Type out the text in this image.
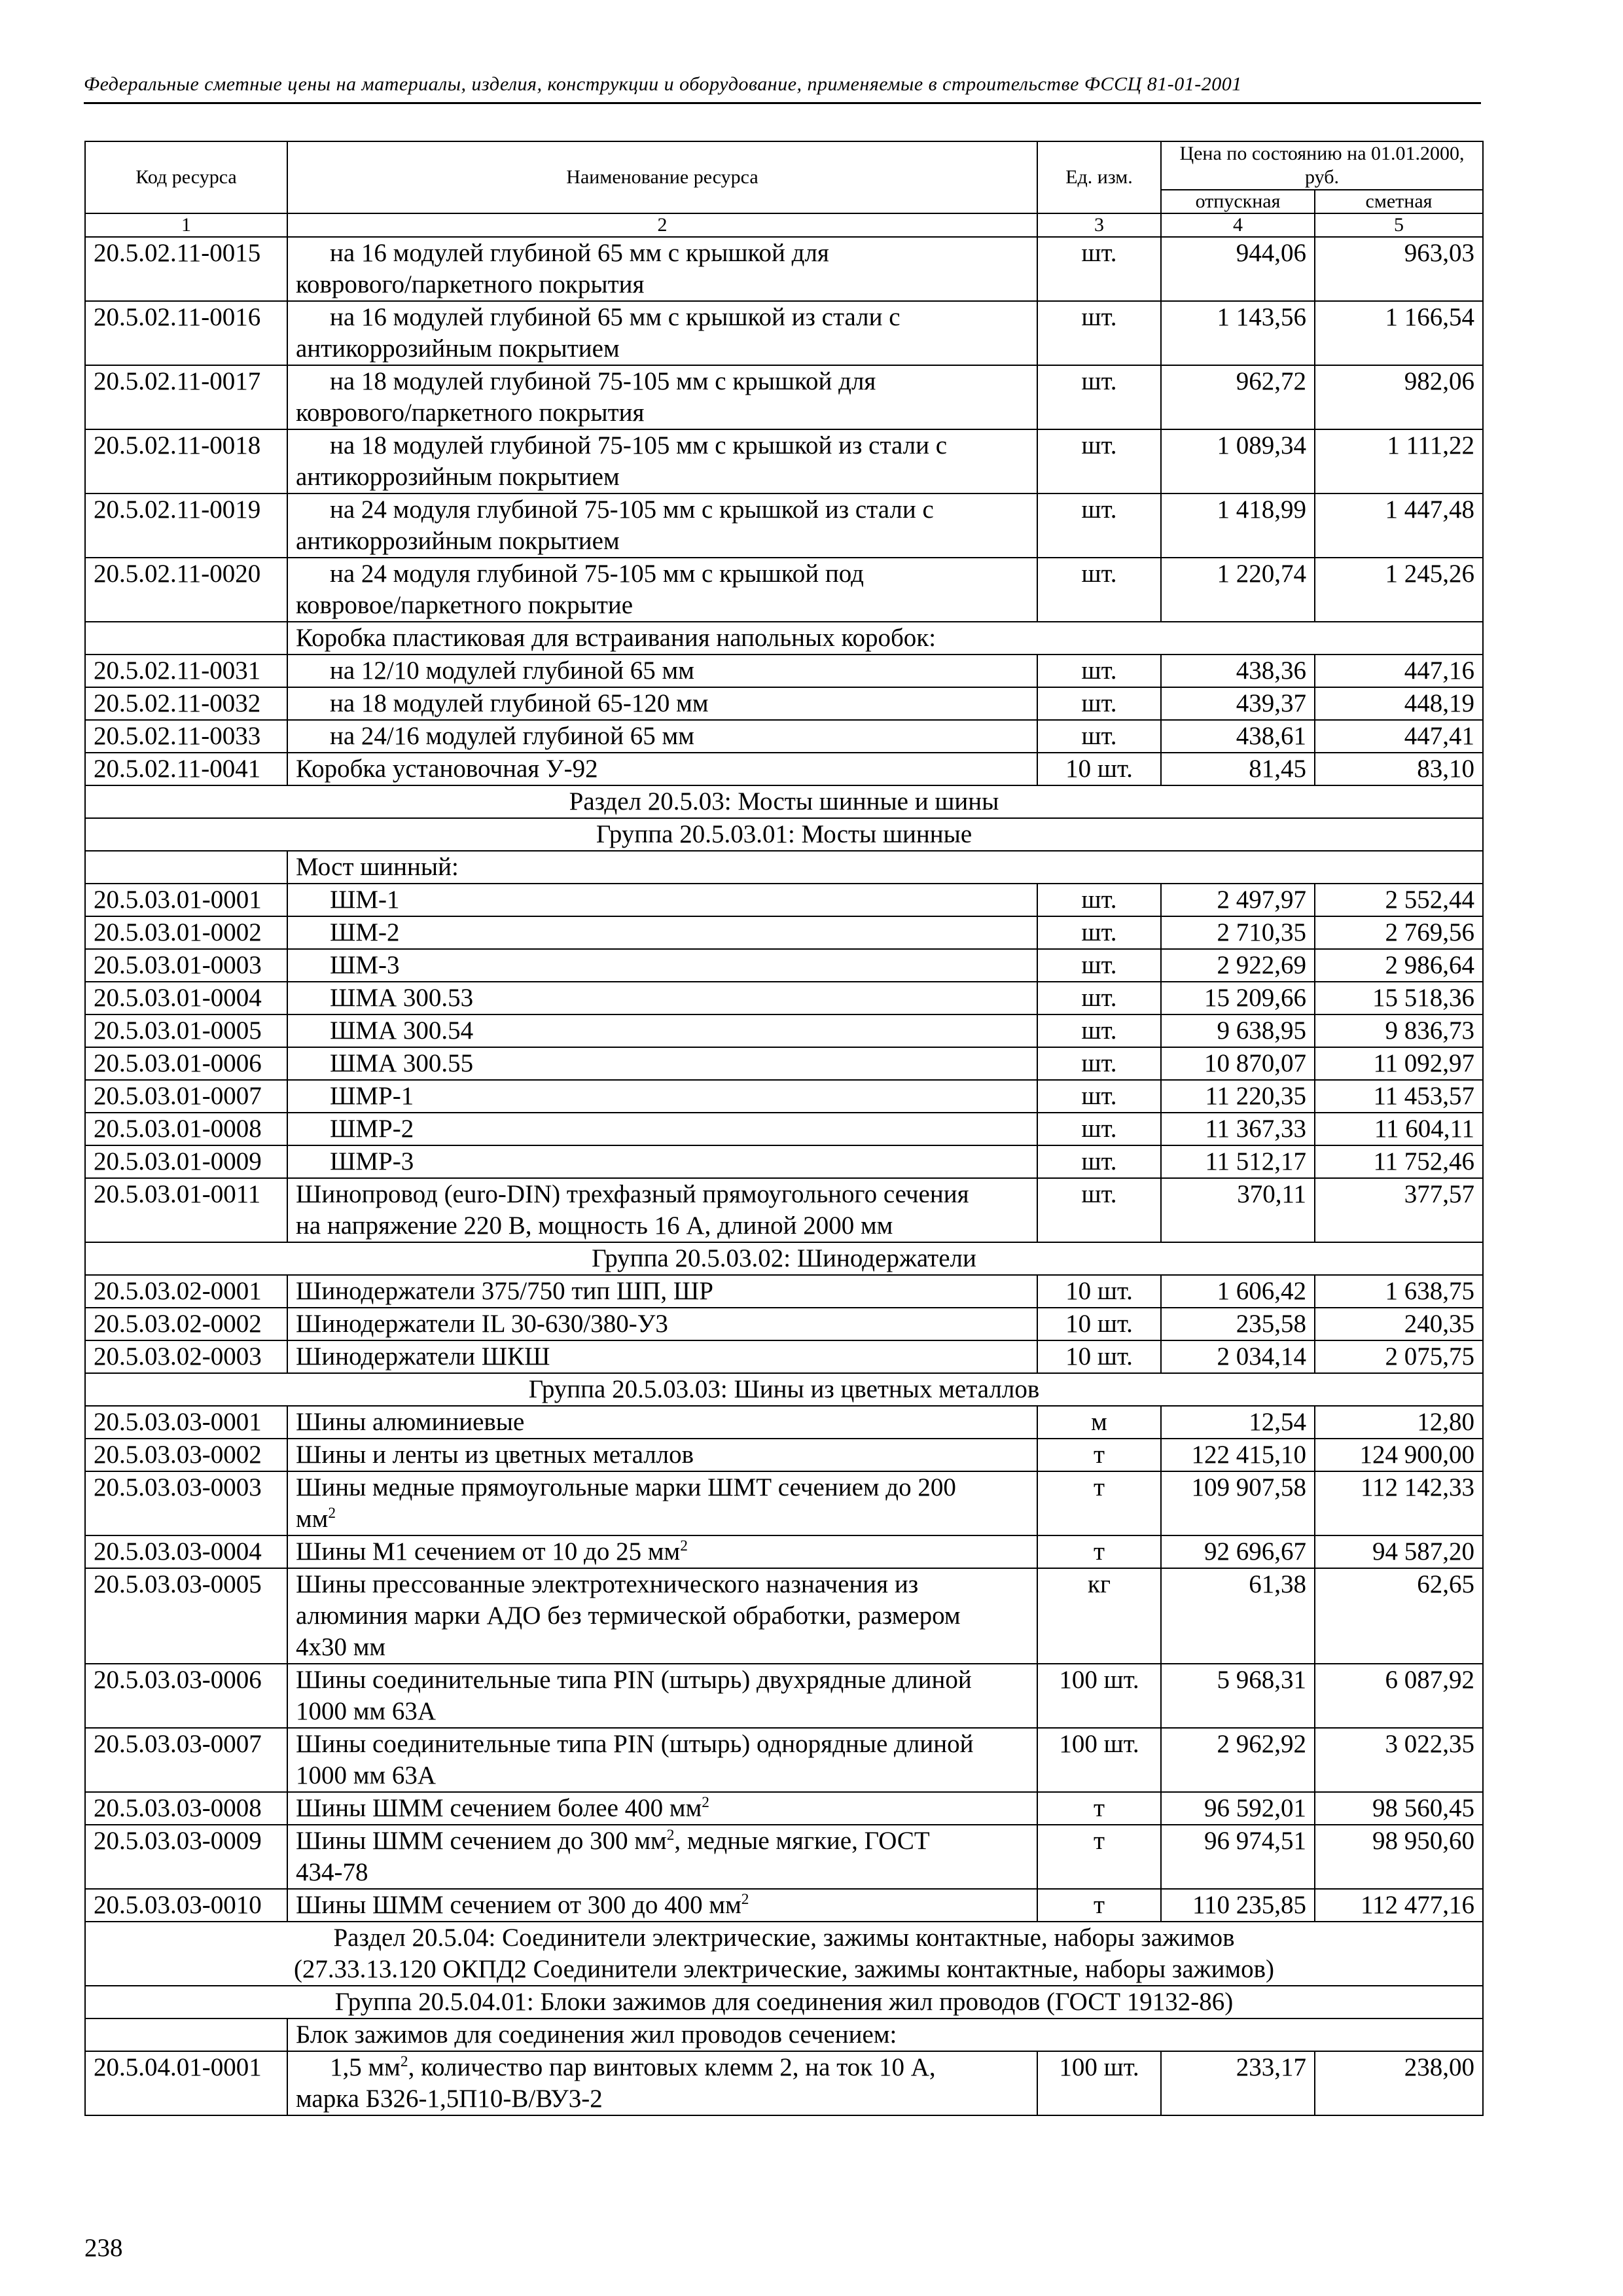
Федеральные сметные цены на материалы, изделия, конструкции и оборудование, применяемые в строительстве ФССЦ 81-01-2001
Код ресурса	Наименование ресурса	Ед. изм.	Цена по состоянию на 01.01.2000, руб.	
			отпускная	сметная
1	2	3	4	5
20.5.02.11-0015	на 16 модулей глубиной 65 мм с крышкой для
коврового/паркетного покрытия	шт.	944,06	963,03
20.5.02.11-0016	на 16 модулей глубиной 65 мм с крышкой из стали с
антикоррозийным покрытием	шт.	1 143,56	1 166,54
20.5.02.11-0017	на 18 модулей глубиной 75-105 мм с крышкой для
коврового/паркетного покрытия	шт.	962,72	982,06
20.5.02.11-0018	на 18 модулей глубиной 75-105 мм с крышкой из стали с
антикоррозийным покрытием	шт.	1 089,34	1 111,22
20.5.02.11-0019	на 24 модуля глубиной 75-105 мм с крышкой из стали с
антикоррозийным покрытием	шт.	1 418,99	1 447,48
20.5.02.11-0020	на 24 модуля глубиной 75-105 мм с крышкой под
ковровое/паркетного покрытие	шт.	1 220,74	1 245,26
	Коробка пластиковая для встраивания напольных коробок:			
20.5.02.11-0031	на 12/10 модулей глубиной 65 мм	шт.	438,36	447,16
20.5.02.11-0032	на 18 модулей глубиной 65-120 мм	шт.	439,37	448,19
20.5.02.11-0033	на 24/16 модулей глубиной 65 мм	шт.	438,61	447,41
20.5.02.11-0041	Коробка установочная У-92	10 шт.	81,45	83,10
Раздел 20.5.03: Мосты шинные и шины				
Группа 20.5.03.01: Мосты шинные				
	Мост шинный:			
20.5.03.01-0001	ШМ-1	шт.	2 497,97	2 552,44
20.5.03.01-0002	ШМ-2	шт.	2 710,35	2 769,56
20.5.03.01-0003	ШМ-3	шт.	2 922,69	2 986,64
20.5.03.01-0004	ШМА 300.53	шт.	15 209,66	15 518,36
20.5.03.01-0005	ШМА 300.54	шт.	9 638,95	9 836,73
20.5.03.01-0006	ШМА 300.55	шт.	10 870,07	11 092,97
20.5.03.01-0007	ШМР-1	шт.	11 220,35	11 453,57
20.5.03.01-0008	ШМР-2	шт.	11 367,33	11 604,11
20.5.03.01-0009	ШМР-3	шт.	11 512,17	11 752,46
20.5.03.01-0011	Шинопровод (euro-DIN) трехфазный прямоугольного сечения
на напряжение 220 В, мощность 16 А, длиной 2000 мм	шт.	370,11	377,57
Группа 20.5.03.02: Шинодержатели				
20.5.03.02-0001	Шинодержатели 375/750 тип ШП, ШР	10 шт.	1 606,42	1 638,75
20.5.03.02-0002	Шинодержатели IL 30-630/380-У3	10 шт.	235,58	240,35
20.5.03.02-0003	Шинодержатели ШКШ	10 шт.	2 034,14	2 075,75
Группа 20.5.03.03: Шины из цветных металлов				
20.5.03.03-0001	Шины алюминиевые	м	12,54	12,80
20.5.03.03-0002	Шины и ленты из цветных металлов	т	122 415,10	124 900,00
20.5.03.03-0003	Шины медные прямоугольные марки ШМТ сечением до 200
$мм^2$	т	109 907,58	112 142,33
20.5.03.03-0004	Шины М1 сечением от 10 до 25 $мм^2$	т	92 696,67	94 587,20
20.5.03.03-0005	Шины прессованные электротехнического назначения из
алюминия марки АДО без термической обработки, размером
4х30 мм	кг	61,38	62,65
20.5.03.03-0006	Шины соединительные типа PIN (штырь) двухрядные длиной
1000 мм 63А	100 шт.	5 968,31	6 087,92
20.5.03.03-0007	Шины соединительные типа PIN (штырь) однорядные длиной
1000 мм 63А	100 шт.	2 962,92	3 022,35
20.5.03.03-0008	Шины ШММ сечением более 400 $мм^2$	т	96 592,01	98 560,45
20.5.03.03-0009	Шины ШММ сечением до 300 $мм^2$, медные мягкие, ГОСТ
434-78	т	96 974,51	98 950,60
20.5.03.03-0010	Шины ШММ сечением от 300 до 400 $мм^2$	т	110 235,85	112 477,16
Раздел 20.5.04: Соединители электрические, зажимы контактные, наборы зажимов
(27.33.13.120 ОКПД2 Соединители электрические, зажимы контактные, наборы зажимов)				
Группа 20.5.04.01: Блоки зажимов для соединения жил проводов (ГОСТ 19132-86)				
	Блок зажимов для соединения жил проводов сечением:			
20.5.04.01-0001	1,5 $мм^2$, количество пар винтовых клемм 2, на ток 10 А,
марка Б326-1,5П10-В/ВУ3-2	100 шт.	233,17	238,00
238
